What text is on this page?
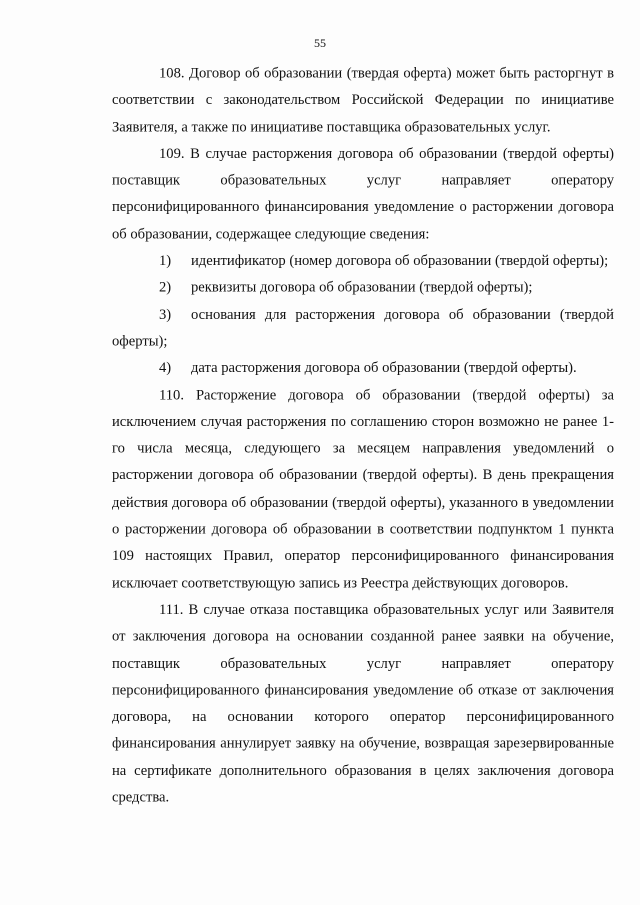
55

108. Договор об образовании (твердая оферта) может быть расторгнут в соответствии с законодательством Российской Федерации по инициативе Заявителя, а также по инициативе поставщика образовательных услуг.

109. В случае расторжения договора об образовании (твердой оферты) поставщик образовательных услуг направляет оператору персонифицированного финансирования уведомление о расторжении договора об образовании, содержащее следующие сведения:

1) идентификатор (номер договора об образовании (твердой оферты);

2) реквизиты договора об образовании (твердой оферты);

3) основания для расторжения договора об образовании (твердой оферты);

4) дата расторжения договора об образовании (твердой оферты).

110. Расторжение договора об образовании (твердой оферты) за исключением случая расторжения по соглашению сторон возможно не ранее 1-го числа месяца, следующего за месяцем направления уведомлений о расторжении договора об образовании (твердой оферты). В день прекращения действия договора об образовании (твердой оферты), указанного в уведомлении о расторжении договора об образовании в соответствии подпунктом 1 пункта 109 настоящих Правил, оператор персонифицированного финансирования исключает соответствующую запись из Реестра действующих договоров.

111. В случае отказа поставщика образовательных услуг или Заявителя от заключения договора на основании созданной ранее заявки на обучение, поставщик образовательных услуг направляет оператору персонифицированного финансирования уведомление об отказе от заключения договора, на основании которого оператор персонифицированного финансирования аннулирует заявку на обучение, возвращая зарезервированные на сертификате дополнительного образования в целях заключения договора средства.
